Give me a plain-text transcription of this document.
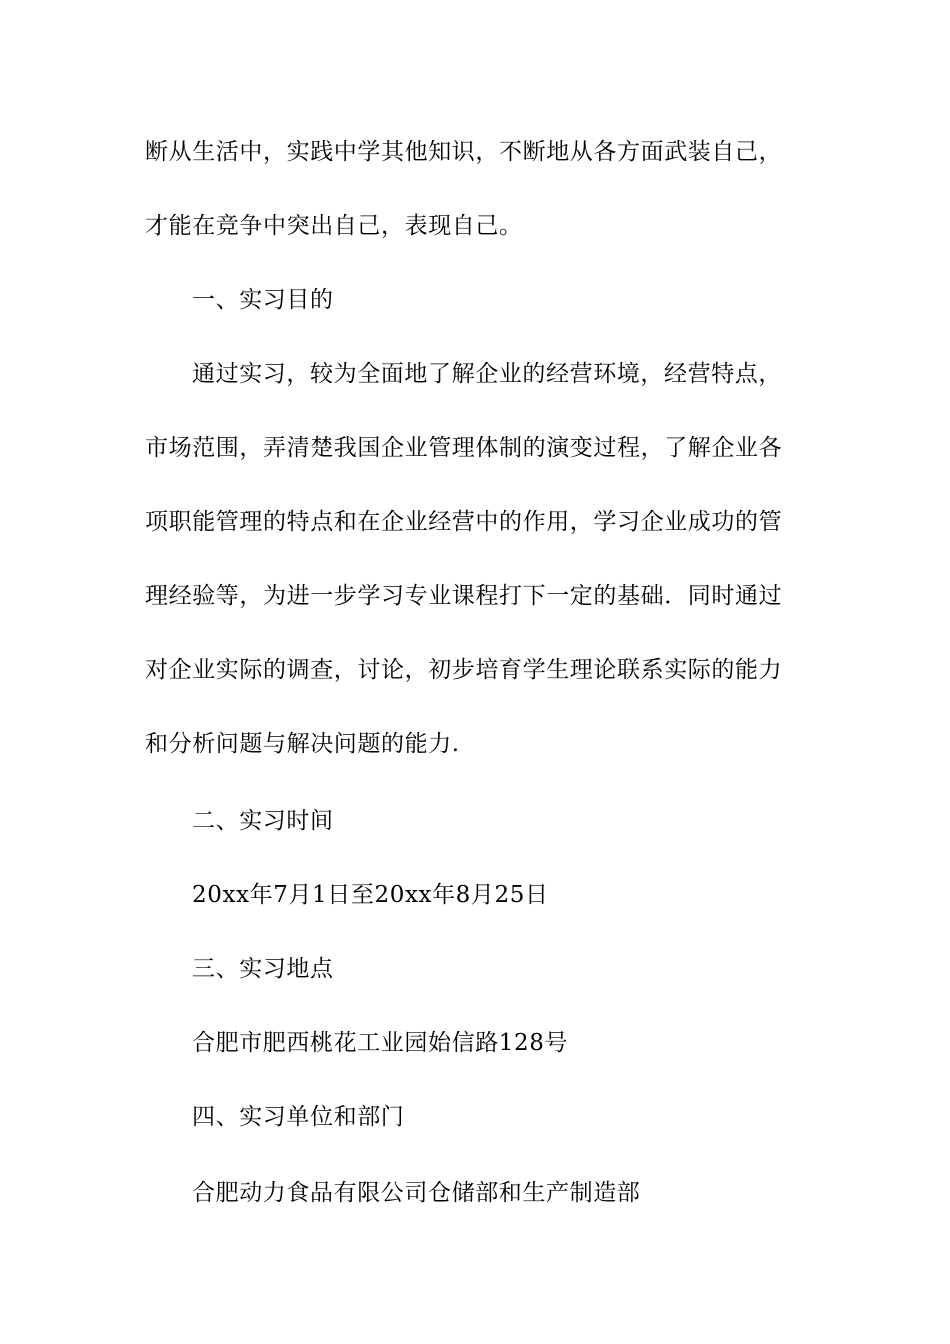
断从生活中，实践中学其他知识，不断地从各方面武装自己，
才能在竞争中突出自己，表现自己。
一、实习目的
通过实习，较为全面地了解企业的经营环境，经营特点，
市场范围，弄清楚我国企业管理体制的演变过程，了解企业各
项职能管理的特点和在企业经营中的作用，学习企业成功的管
理经验等，为进一步学习专业课程打下一定的基础．同时通过
对企业实际的调查，讨论，初步培育学生理论联系实际的能力
和分析问题与解决问题的能力.
二、实习时间
20xx年7月1日至20xx年8月25日
三、实习地点
合肥市肥西桃花工业园始信路128号
四、实习单位和部门
合肥动力食品有限公司仓储部和生产制造部
